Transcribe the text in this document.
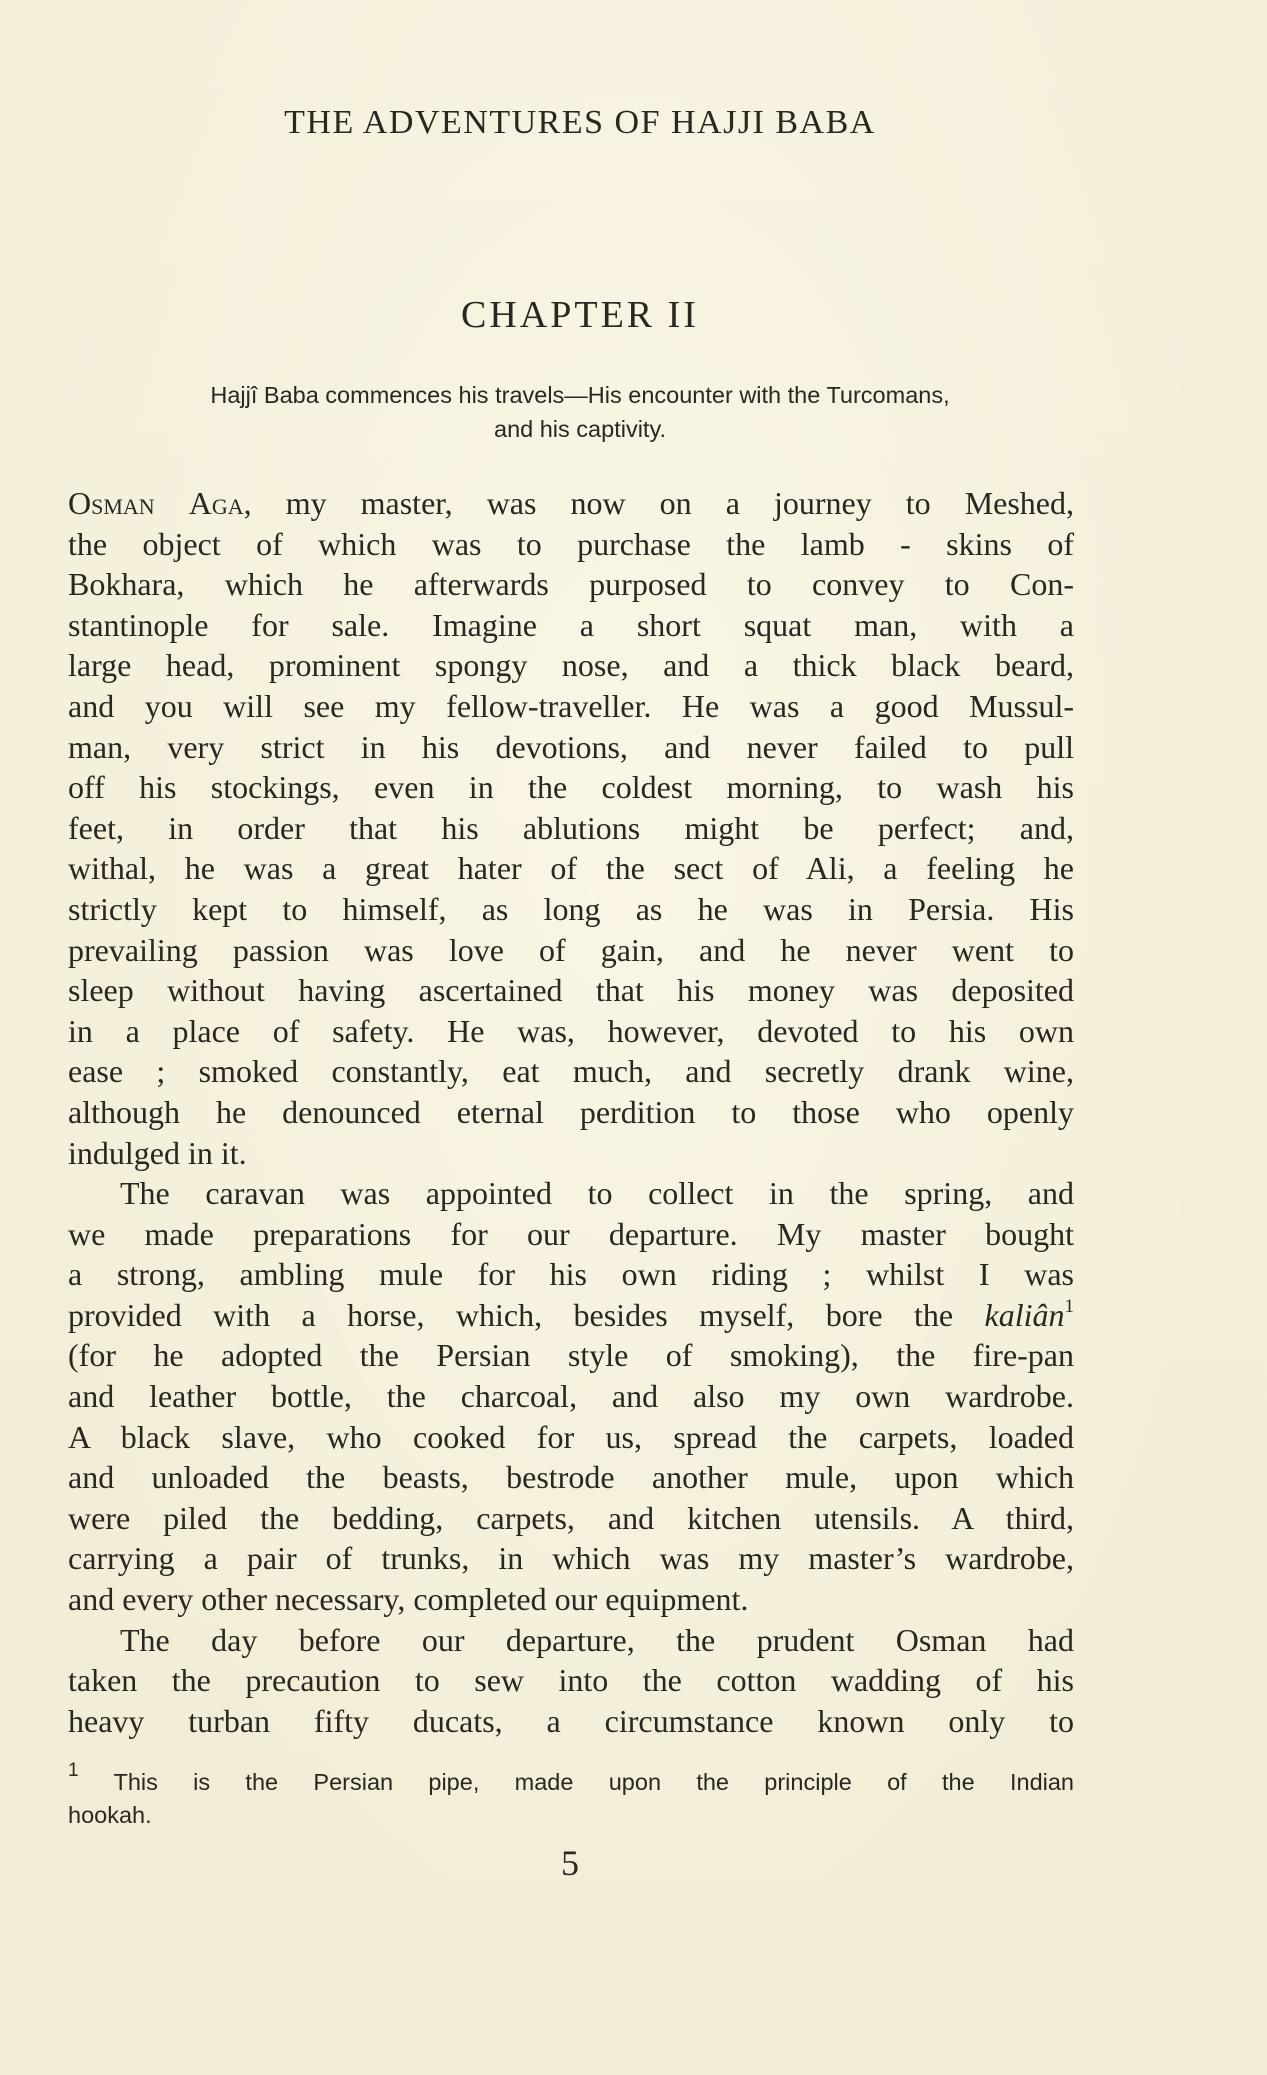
THE ADVENTURES OF HAJJI BABA
CHAPTER II
Hajjî Baba commences his travels—His encounter with the Turcomans,
and his captivity.
Osman Aga, my master, was now on a journey to Meshed,
the object of which was to purchase the lamb - skins of
Bokhara, which he afterwards purposed to convey to Con-
stantinople for sale. Imagine a short squat man, with a
large head, prominent spongy nose, and a thick black beard,
and you will see my fellow-traveller. He was a good Mussul-
man, very strict in his devotions, and never failed to pull
off his stockings, even in the coldest morning, to wash his
feet, in order that his ablutions might be perfect; and,
withal, he was a great hater of the sect of Ali, a feeling he
strictly kept to himself, as long as he was in Persia. His
prevailing passion was love of gain, and he never went to
sleep without having ascertained that his money was deposited
in a place of safety. He was, however, devoted to his own
ease ; smoked constantly, eat much, and secretly drank wine,
although he denounced eternal perdition to those who openly
indulged in it.
The caravan was appointed to collect in the spring, and
we made preparations for our departure. My master bought
a strong, ambling mule for his own riding ; whilst I was
provided with a horse, which, besides myself, bore the kaliân$^1$
(for he adopted the Persian style of smoking), the fire-pan
and leather bottle, the charcoal, and also my own wardrobe.
A black slave, who cooked for us, spread the carpets, loaded
and unloaded the beasts, bestrode another mule, upon which
were piled the bedding, carpets, and kitchen utensils. A third,
carrying a pair of trunks, in which was my master’s wardrobe,
and every other necessary, completed our equipment.
The day before our departure, the prudent Osman had
taken the precaution to sew into the cotton wadding of his
heavy turban fifty ducats, a circumstance known only to
$^1$ This is the Persian pipe, made upon the principle of the Indian
hookah.
5
